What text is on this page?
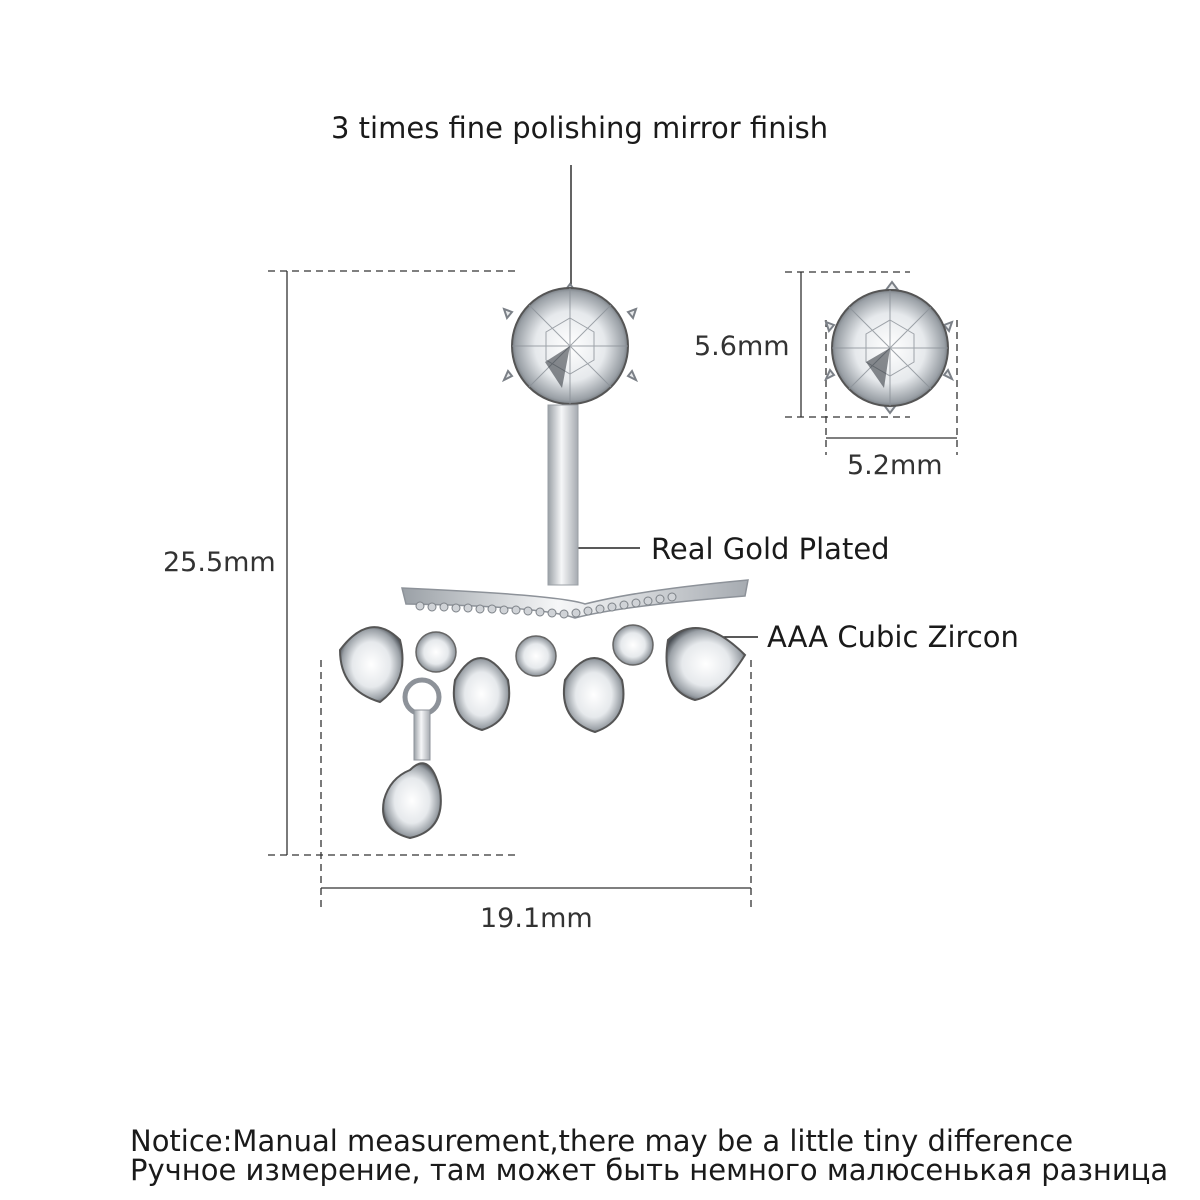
3 times fine polishing mirror finish
25.5mm
19.1mm
5.6mm
5.2mm
Real Gold Plated
AAA Cubic Zircon
Notice:Manual measurement,there may be a little tiny difference
Ручное измерение, там может быть немного малюсенькая разница
